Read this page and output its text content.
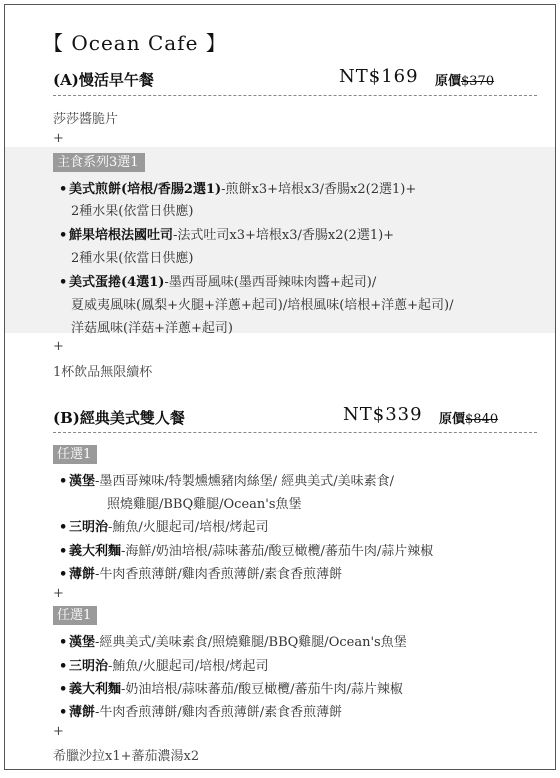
【 Ocean Cafe 】
(A)慢活早午餐	NT$169 原價$370
莎莎醬脆片
+
主食系列3選1
• 美式煎餅(培根/香腸2選1)-煎餅x3+培根x3/香腸x2(2選1)+
2種水果(依當日供應)
• 鮮果培根法國吐司-法式吐司x3+培根x3/香腸x2(2選1)+
2種水果(依當日供應)
• 美式蛋捲(4選1)-墨西哥風味(墨西哥辣味肉醬+起司)/
夏威夷風味(鳳梨+火腿+洋蔥+起司)/培根風味(培根+洋蔥+起司)/
洋菇風味(洋菇+洋蔥+起司)
+
1杯飲品無限續杯
(B)經典美式雙人餐	NT$339 原價$840
任選1
• 漢堡-墨西哥辣味/特製燻燻豬肉絲堡/ 經典美式/美味素食/
照燒雞腿/BBQ雞腿/Ocean's魚堡
• 三明治-鮪魚/火腿起司/培根/烤起司
• 義大利麵-海鮮/奶油培根/蒜味蕃茄/酸豆橄欖/蕃茄牛肉/蒜片辣椒
• 薄餅-牛肉香煎薄餅/雞肉香煎薄餅/素食香煎薄餅
+
任選1
• 漢堡-經典美式/美味素食/照燒雞腿/BBQ雞腿/Ocean's魚堡
• 三明治-鮪魚/火腿起司/培根/烤起司
• 義大利麵-奶油培根/蒜味蕃茄/酸豆橄欖/蕃茄牛肉/蒜片辣椒
• 薄餅-牛肉香煎薄餅/雞肉香煎薄餅/素食香煎薄餅
+
希臘沙拉x1+蕃茄濃湯x2
